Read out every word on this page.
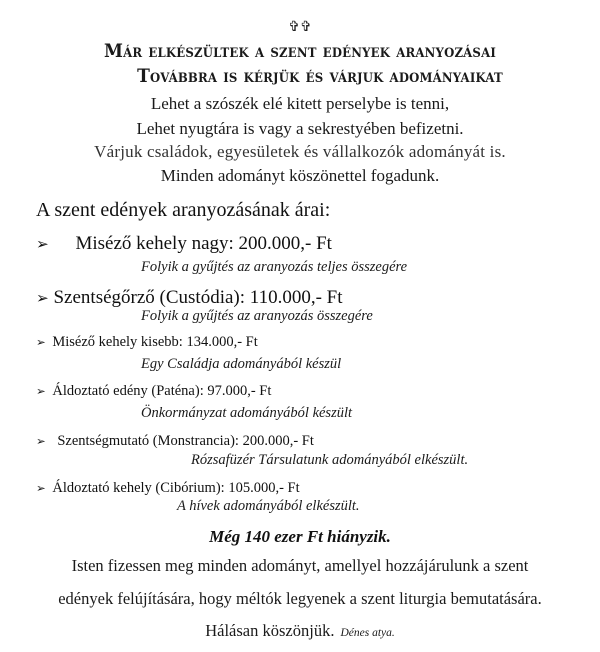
✞✞
Már elkészültek a szent edények aranyozásai
Továbbra is kérjük és várjuk adományaikat
Lehet a szószék elé kitett perselybe is tenni,
Lehet nyugtára is vagy a sekrestyében befizetni.
Várjuk családok, egyesületek és vállalkozók adományát is.
Minden adományt köszönettel fogadunk.
A szent edények aranyozásának árai:
➢ Miséző kehely nagy: 200.000,- Ft
Folyik a gyűjtés az aranyozás teljes összegére
➢ Szentségőrző (Custódia): 110.000,- Ft
Folyik a gyűjtés az aranyozás összegére
➢ Miséző kehely kisebb: 134.000,- Ft
Egy Családja adományából készül
➢ Áldoztató edény (Paténa): 97.000,- Ft
Önkormányzat adományából készült
➢ Szentségmutató (Monstrancia): 200.000,- Ft
Rózsafüzér Társulatunk adományából elkészült.
➢ Áldoztató kehely (Cibórium): 105.000,- Ft
A hívek adományából elkészült.
Még 140 ezer Ft hiányzik.
Isten fizessen meg minden adományt, amellyel hozzájárulunk a szent
edények felújítására, hogy méltók legyenek a szent liturgia bemutatására.
Hálásan köszönjük. Dénes atya.
